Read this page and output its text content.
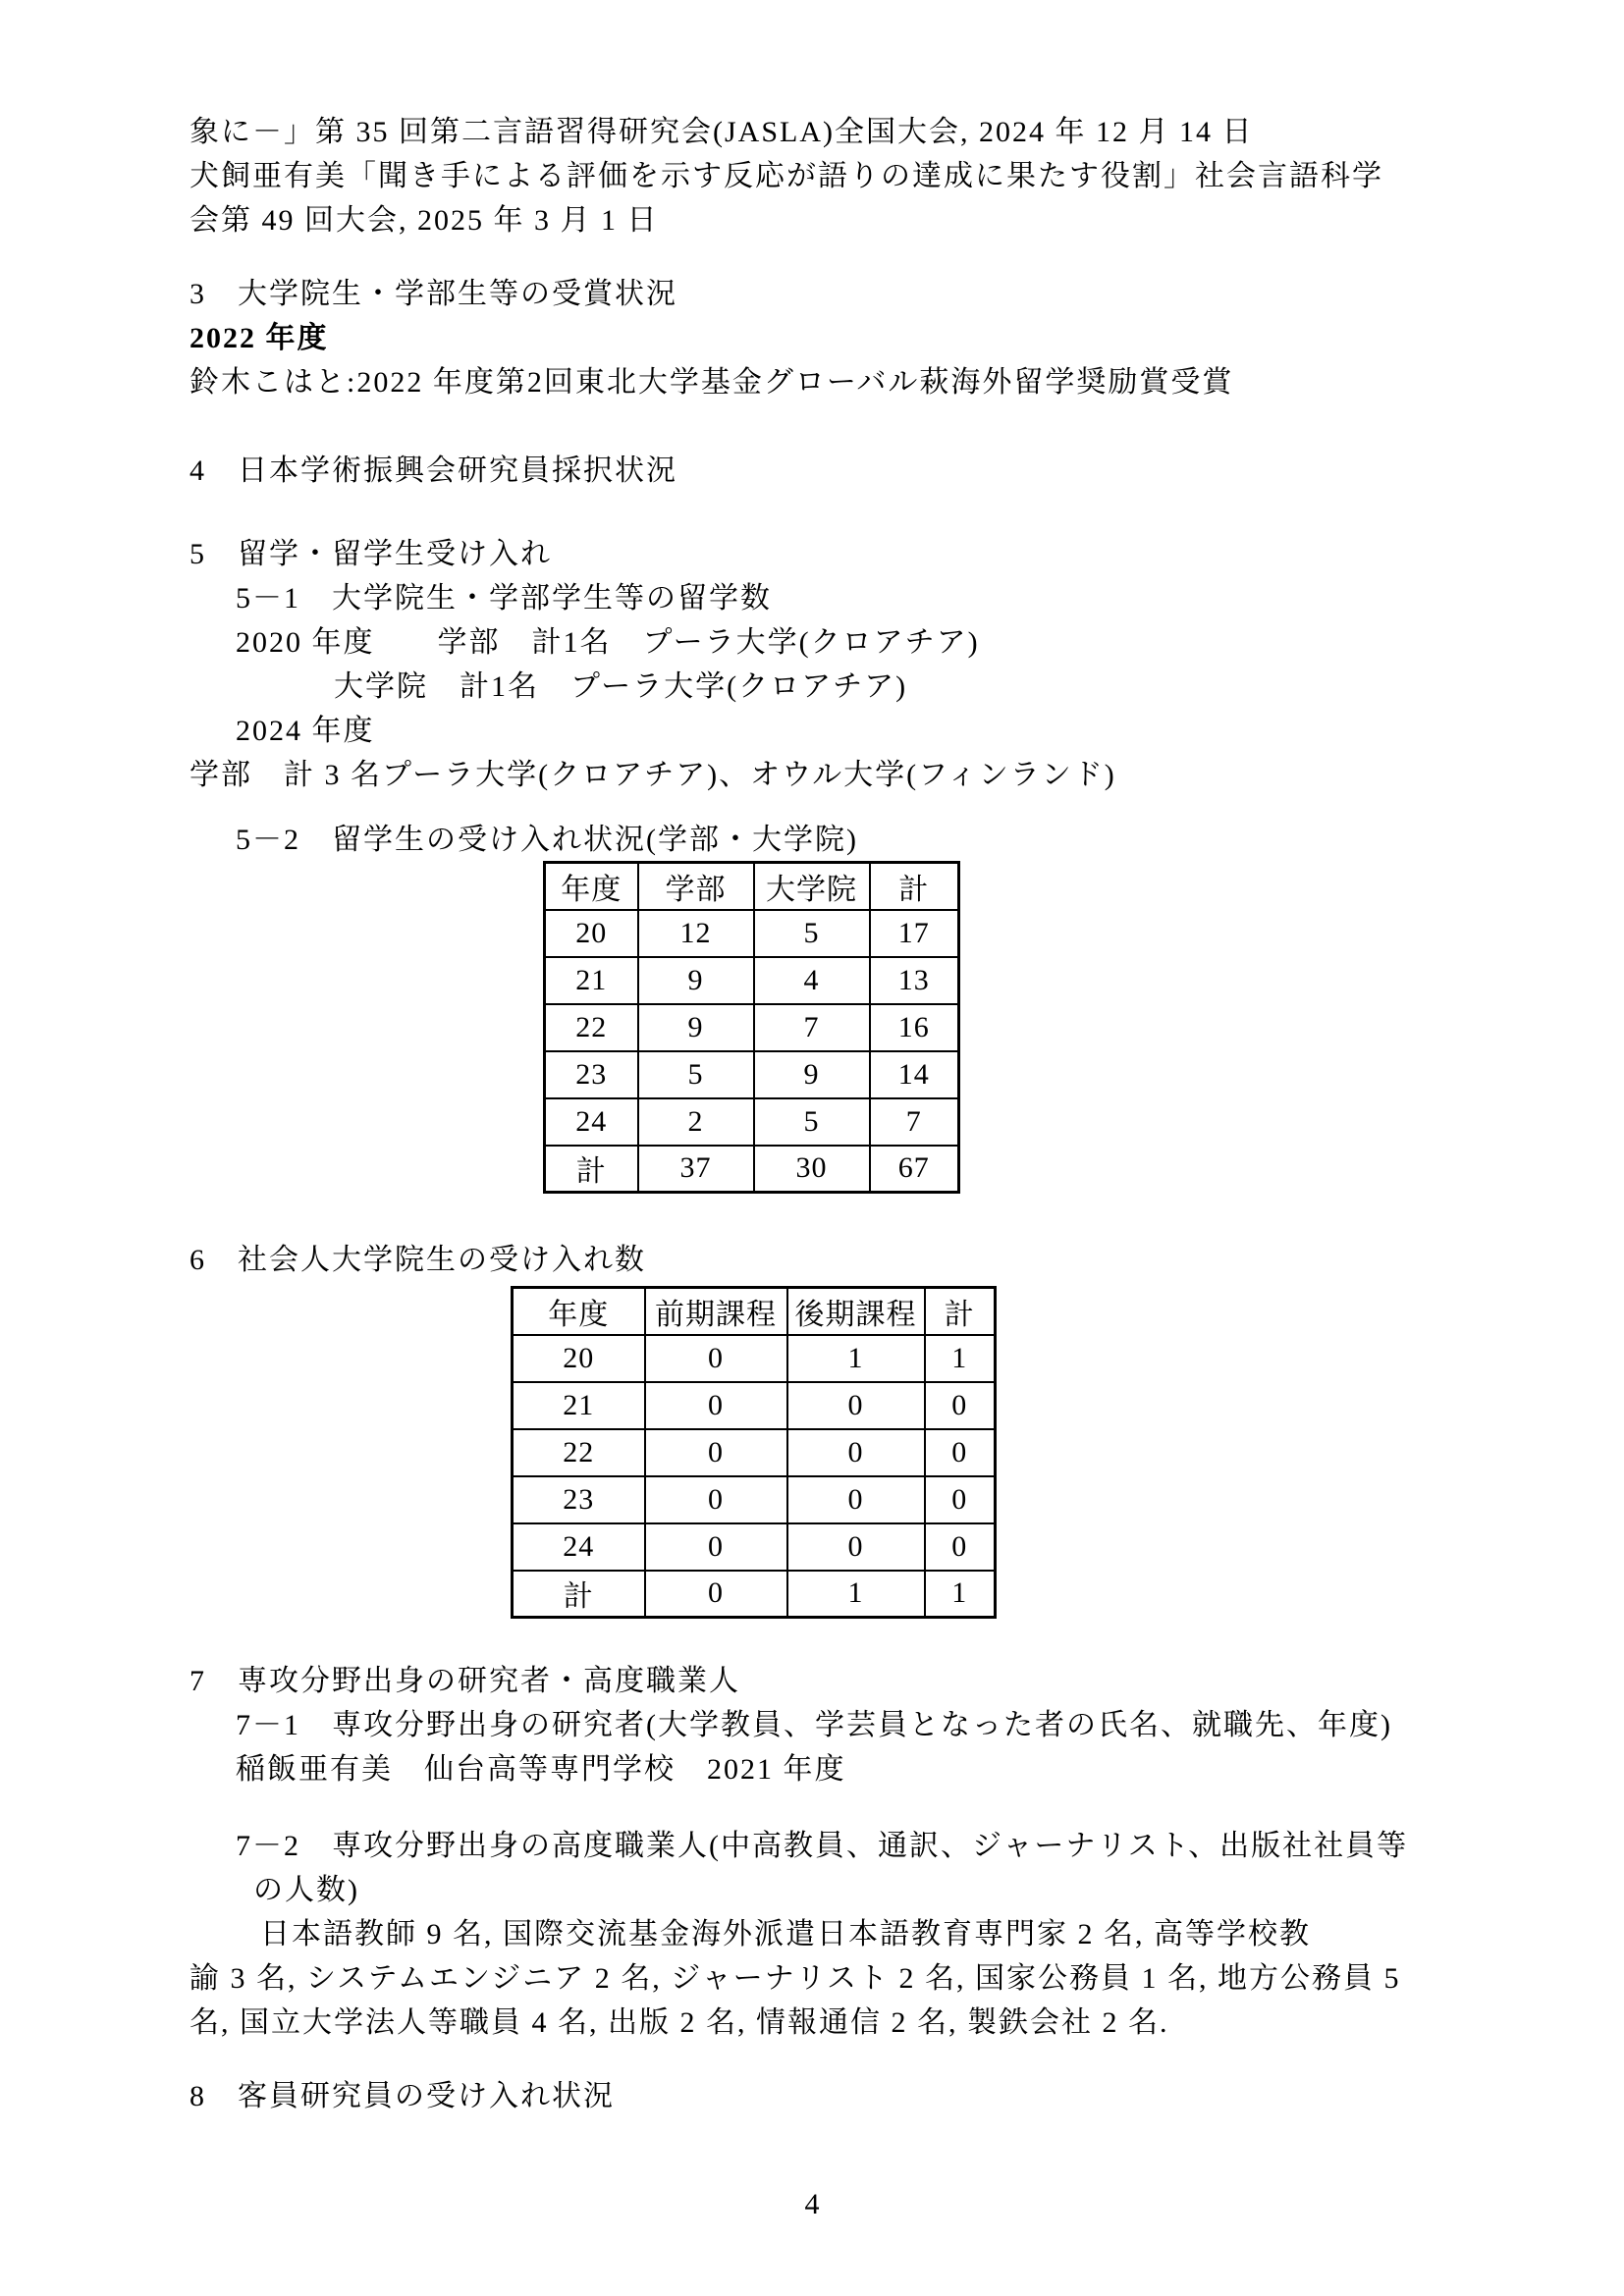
象に－」第 35 回第二言語習得研究会(JASLA)全国大会, 2024 年 12 月 14 日
犬飼亜有美「聞き手による評価を示す反応が語りの達成に果たす役割」社会言語科学
会第 49 回大会, 2025 年 3 月 1 日
3　大学院生・学部生等の受賞状況
2022 年度
鈴木こはと:2022 年度第2回東北大学基金グローバル萩海外留学奨励賞受賞
4　日本学術振興会研究員採択状況
5　留学・留学生受け入れ
5－1　大学院生・学部学生等の留学数
2020 年度　　学部　計1名　プーラ大学(クロアチア)
大学院　計1名　プーラ大学(クロアチア)
2024 年度
学部　計 3 名プーラ大学(クロアチア)、オウル大学(フィンランド)
5－2　留学生の受け入れ状況(学部・大学院)
年度	学部	大学院	計
20	12	5	17
21	9	4	13
22	9	7	16
23	5	9	14
24	2	5	7
計	37	30	67
6　社会人大学院生の受け入れ数
年度	前期課程	後期課程	計
20	0	1	1
21	0	0	0
22	0	0	0
23	0	0	0
24	0	0	0
計	0	1	1
7　専攻分野出身の研究者・高度職業人
7－1　専攻分野出身の研究者(大学教員、学芸員となった者の氏名、就職先、年度)
稲飯亜有美　仙台高等専門学校　2021 年度
7－2　専攻分野出身の高度職業人(中高教員、通訳、ジャーナリスト、出版社社員等
の人数)
日本語教師 9 名, 国際交流基金海外派遣日本語教育専門家 2 名, 高等学校教
諭 3 名, システムエンジニア 2 名, ジャーナリスト 2 名, 国家公務員 1 名, 地方公務員 5
名, 国立大学法人等職員 4 名, 出版 2 名, 情報通信 2 名, 製鉄会社 2 名.
8　客員研究員の受け入れ状況
4
